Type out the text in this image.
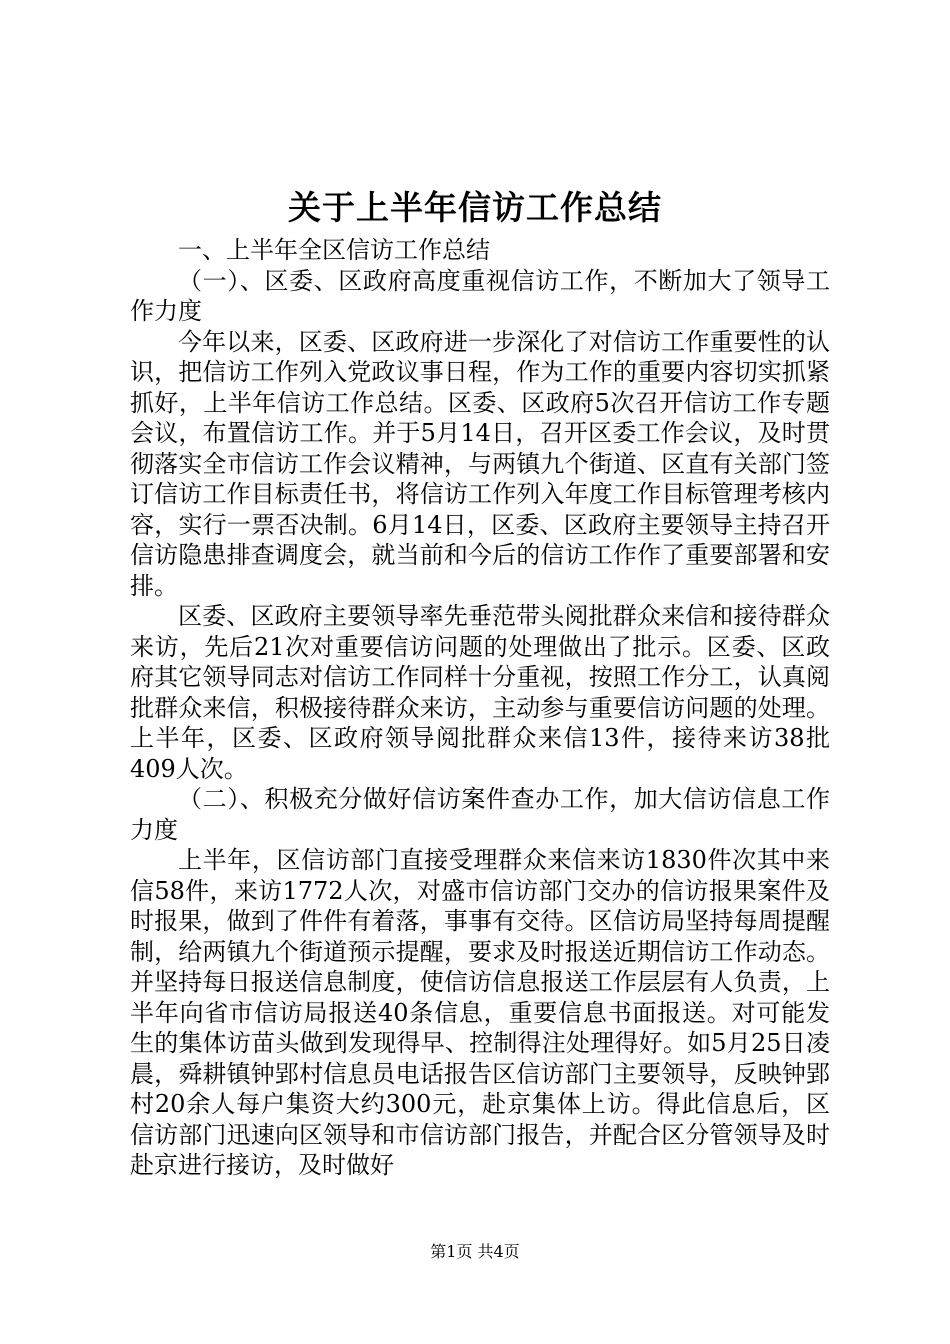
关于上半年信访工作总结

一、上半年全区信访工作总结

（一）、区委、区政府高度重视信访工作，不断加大了领导工作力度

今年以来，区委、区政府进一步深化了对信访工作重要性的认识，把信访工作列入党政议事日程，作为工作的重要内容切实抓紧抓好，上半年信访工作总结。区委、区政府5次召开信访工作专题会议，布置信访工作。并于5月14日，召开区委工作会议，及时贯彻落实全市信访工作会议精神，与两镇九个街道、区直有关部门签订信访工作目标责任书，将信访工作列入年度工作目标管理考核内容，实行一票否决制。6月14日，区委、区政府主要领导主持召开信访隐患排查调度会，就当前和今后的信访工作作了重要部署和安排。

区委、区政府主要领导率先垂范带头阅批群众来信和接待群众来访，先后21次对重要信访问题的处理做出了批示。区委、区政府其它领导同志对信访工作同样十分重视，按照工作分工，认真阅批群众来信，积极接待群众来访，主动参与重要信访问题的处理。上半年，区委、区政府领导阅批群众来信13件，接待来访38批409人次。

（二）、积极充分做好信访案件查办工作，加大信访信息工作力度

上半年，区信访部门直接受理群众来信来访1830件次其中来信58件，来访1772人次，对盛市信访部门交办的信访报果案件及时报果，做到了件件有着落，事事有交待。区信访局坚持每周提醒制，给两镇九个街道预示提醒，要求及时报送近期信访工作动态。并坚持每日报送信息制度，使信访信息报送工作层层有人负责，上半年向省市信访局报送40条信息，重要信息书面报送。对可能发生的集体访苗头做到发现得早、控制得注处理得好。如5月25日凌晨，舜耕镇钟郢村信息员电话报告区信访部门主要领导，反映钟郢村20余人每户集资大约300元，赴京集体上访。得此信息后，区信访部门迅速向区领导和市信访部门报告，并配合区分管领导及时赴京进行接访，及时做好

第1页 共4页
